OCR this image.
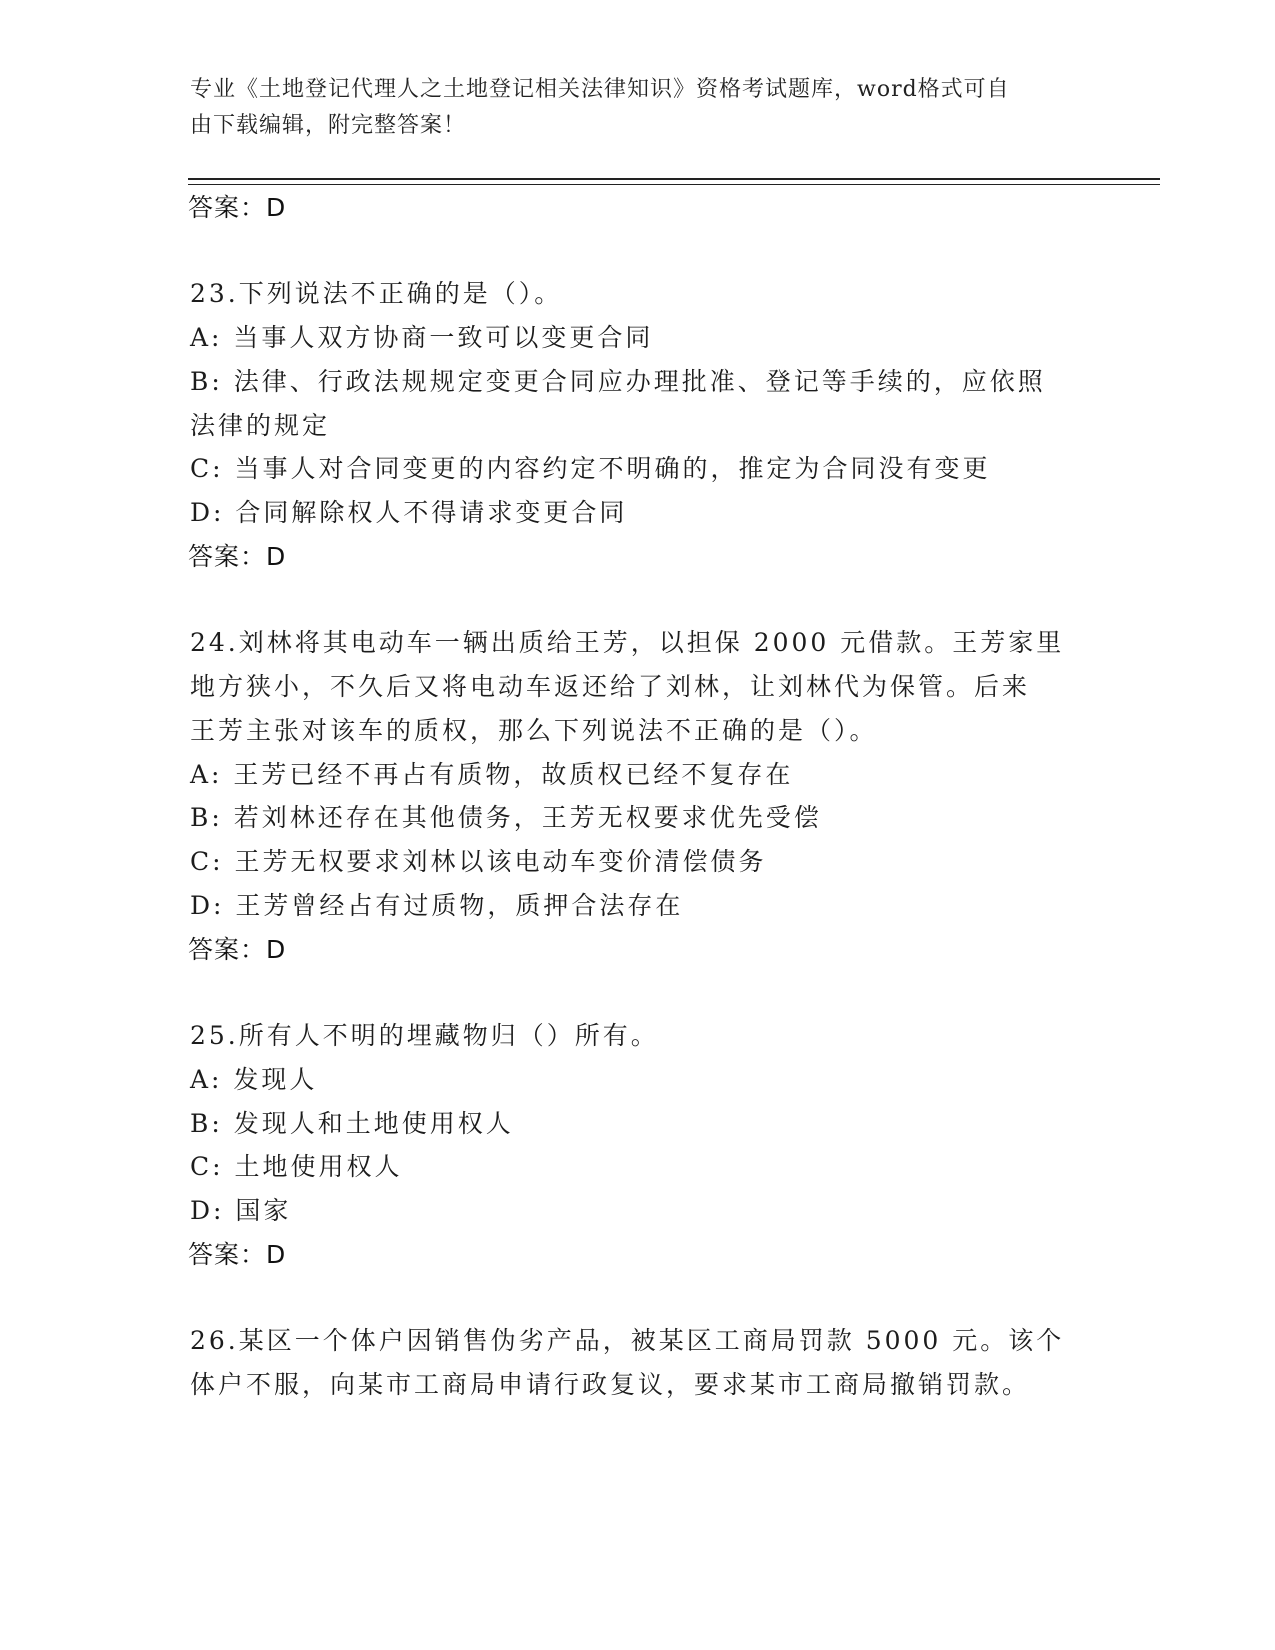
专业《土地登记代理人之土地登记相关法律知识》资格考试题库，word格式可自
由下载编辑，附完整答案！
答案：D
23.下列说法不正确的是（）。
A: 当事人双方协商一致可以变更合同
B: 法律、行政法规规定变更合同应办理批准、登记等手续的，应依照
法律的规定
C: 当事人对合同变更的内容约定不明确的，推定为合同没有变更
D: 合同解除权人不得请求变更合同
答案：D
24.刘林将其电动车一辆出质给王芳，以担保 2000 元借款。王芳家里
地方狭小，不久后又将电动车返还给了刘林，让刘林代为保管。后来
王芳主张对该车的质权，那么下列说法不正确的是（）。
A: 王芳已经不再占有质物，故质权已经不复存在
B: 若刘林还存在其他债务，王芳无权要求优先受偿
C: 王芳无权要求刘林以该电动车变价清偿债务
D: 王芳曾经占有过质物，质押合法存在
答案：D
25.所有人不明的埋藏物归（）所有。
A: 发现人
B: 发现人和土地使用权人
C: 土地使用权人
D: 国家
答案：D
26.某区一个体户因销售伪劣产品，被某区工商局罚款 5000 元。该个
体户不服，向某市工商局申请行政复议，要求某市工商局撤销罚款。
